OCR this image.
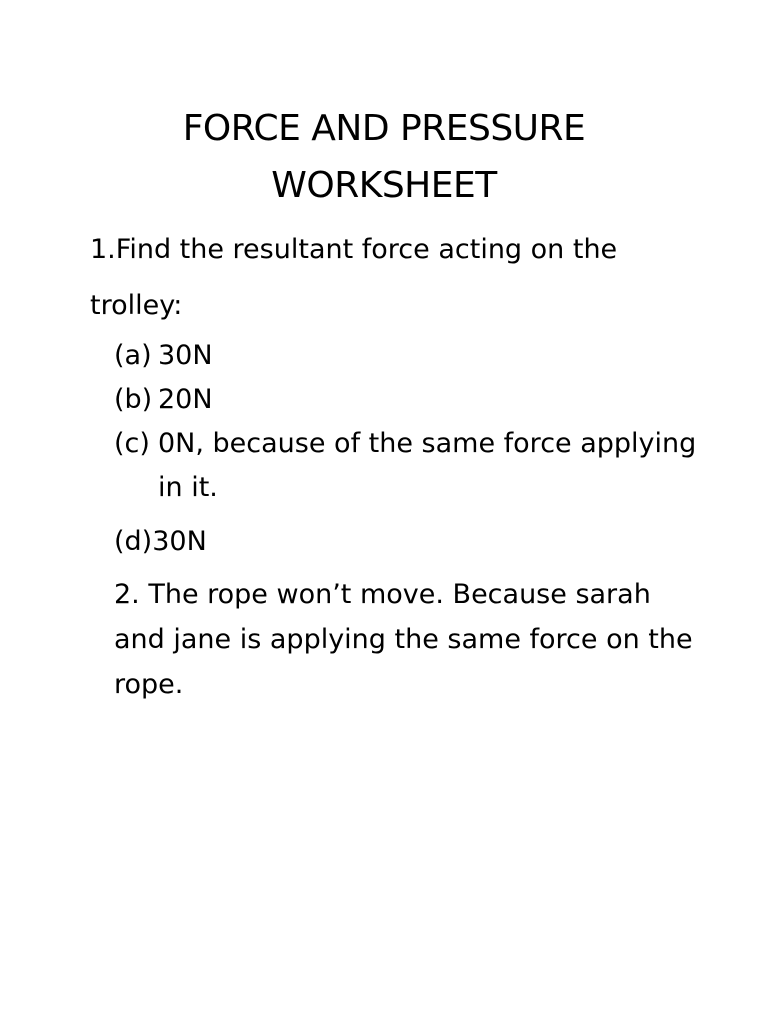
FORCE AND PRESSURE
WORKSHEET
1.Find the resultant force acting on the
trolley:
(a) 30N
(b) 20N
(c) 0N, because of the same force applying in it.
(d)30N
2. The rope won’t move. Because sarah and jane is applying the same force on the rope.
